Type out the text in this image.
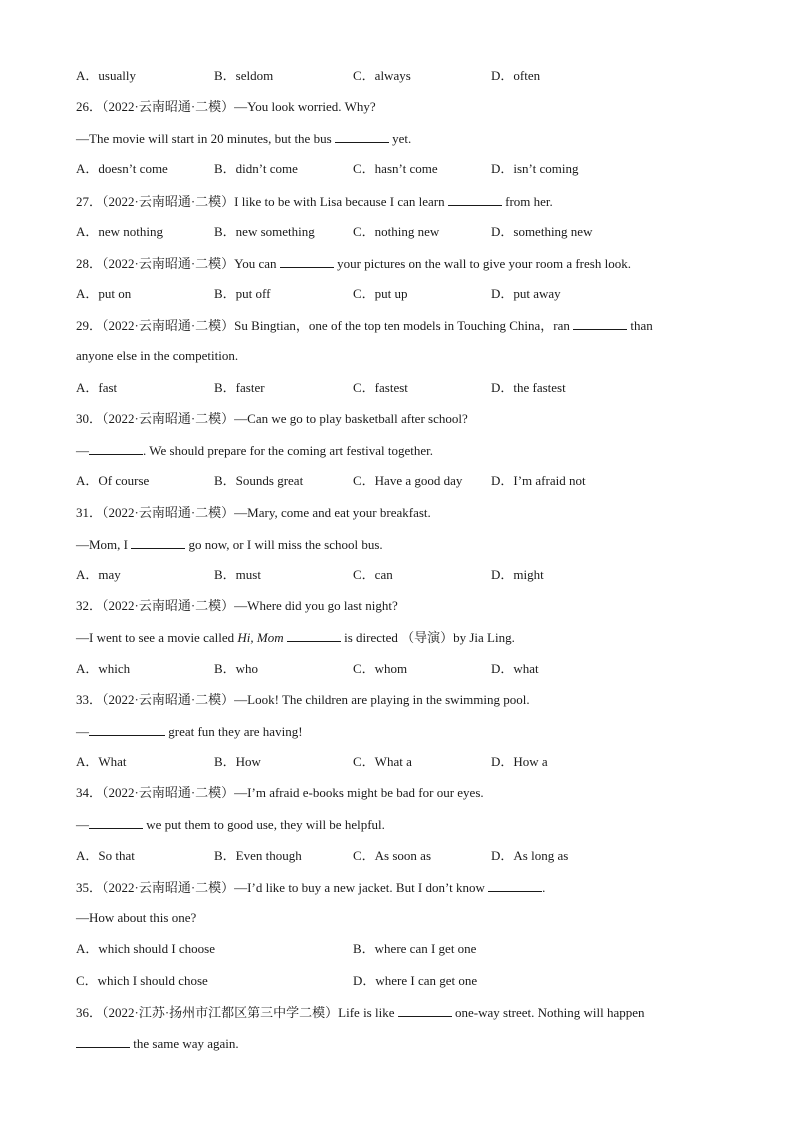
A．usually	B．seldom	C．always	D．often
26．（2022·云南昭通·二模）—You look worried. Why?
—The movie will start in 20 minutes, but the bus	yet.
A．doesn’t come	B．didn’t come	C．hasn’t come	D．isn’t coming
27．（2022·云南昭通·二模）I like to be with Lisa because I can learn	from her.
A．new nothing	B．new something	C．nothing new	D．something new
28．（2022·云南昭通·二模）You can	your pictures on the wall to give your room a fresh look.
A．put on	B．put off	C．put up	D．put away
29．（2022·云南昭通·二模）Su Bingtian，one of the top ten models in Touching China，ran	than
anyone else in the competition.
A．fast	B．faster	C．fastest	D．the fastest
30．（2022·云南昭通·二模）—Can we go to play basketball after school?
—	. We should prepare for the coming art festival together.
A．Of course	B．Sounds great	C．Have a good day D．I’m afraid not
31．（2022·云南昭通·二模）—Mary, come and eat your breakfast.
—Mom, I	go now, or I will miss the school bus.
A．may	B．must	C．can	D．might
32．（2022·云南昭通·二模）—Where did you go last night?
—I went to see a movie called Hi, Mom	is directed （导演）by Jia Ling.
A．which	B．who	C．whom	D．what
33．（2022·云南昭通·二模）—Look! The children are playing in the swimming pool.
—	great fun they are having!
A．What	B．How	C．What a	D．How a
34．（2022·云南昭通·二模）—I’m afraid e-books might be bad for our eyes.
—	we put them to good use, they will be helpful.
A．So that	B．Even though	C．As soon as	D．As long as
35．（2022·云南昭通·二模）—I’d like to buy a new jacket. But I don’t know	.
—How about this one?
A．which should I choose	B．where can I get one
C．which I should chose	D．where I can get one
36．（2022·江苏·扬州市江都区第三中学二模）Life is like	one-way street. Nothing will happen
the same way again.
